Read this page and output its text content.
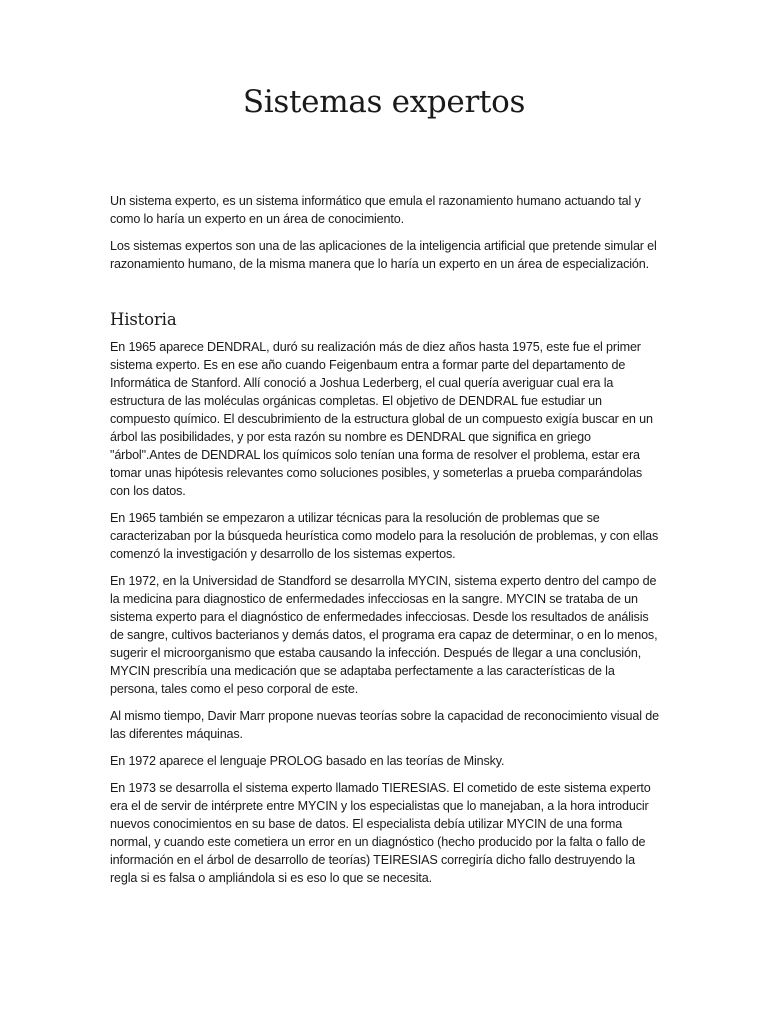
Sistemas expertos

Un sistema experto, es un sistema informático que emula el razonamiento humano actuando tal y como lo haría un experto en un área de conocimiento.

Los sistemas expertos son una de las aplicaciones de la inteligencia artificial que pretende simular el razonamiento humano, de la misma manera que lo haría un experto en un área de especialización.

Historia

En 1965 aparece DENDRAL, duró su realización más de diez años hasta 1975, este fue el primer sistema experto. Es en ese año cuando Feigenbaum entra a formar parte del departamento de Informática de Stanford. Allí conoció a Joshua Lederberg, el cual quería averiguar cual era la estructura de las moléculas orgánicas completas. El objetivo de DENDRAL fue estudiar un compuesto químico. El descubrimiento de la estructura global de un compuesto exigía buscar en un árbol las posibilidades, y por esta razón su nombre es DENDRAL que significa en griego "árbol".Antes de DENDRAL los químicos solo tenían una forma de resolver el problema, estar era tomar unas hipótesis relevantes como soluciones posibles, y someterlas a prueba comparándolas con los datos.

En 1965 también se empezaron a utilizar técnicas para la resolución de problemas que se caracterizaban por la búsqueda heurística como modelo para la resolución de problemas, y con ellas comenzó la investigación y desarrollo de los sistemas expertos.

En 1972, en la Universidad de Standford se desarrolla MYCIN, sistema experto dentro del campo de la medicina para diagnostico de enfermedades infecciosas en la sangre. MYCIN se trataba de un sistema experto para el diagnóstico de enfermedades infecciosas. Desde los resultados de análisis de sangre, cultivos bacterianos y demás datos, el programa era capaz de determinar, o en lo menos, sugerir el microorganismo que estaba causando la infección. Después de llegar a una conclusión, MYCIN prescribía una medicación que se adaptaba perfectamente a las características de la persona, tales como el peso corporal de este.

Al mismo tiempo, Davir Marr propone nuevas teorías sobre la capacidad de reconocimiento visual de las diferentes máquinas.

En 1972 aparece el lenguaje PROLOG basado en las teorías de Minsky.

En 1973 se desarrolla el sistema experto llamado TIERESIAS. El cometido de este sistema experto era el de servir de intérprete entre MYCIN y los especialistas que lo manejaban, a la hora introducir nuevos conocimientos en su base de datos. El especialista debía utilizar MYCIN de una forma normal, y cuando este cometiera un error en un diagnóstico (hecho producido por la falta o fallo de información en el árbol de desarrollo de teorías) TEIRESIAS corregiría dicho fallo destruyendo la regla si es falsa o ampliándola si es eso lo que se necesita.
